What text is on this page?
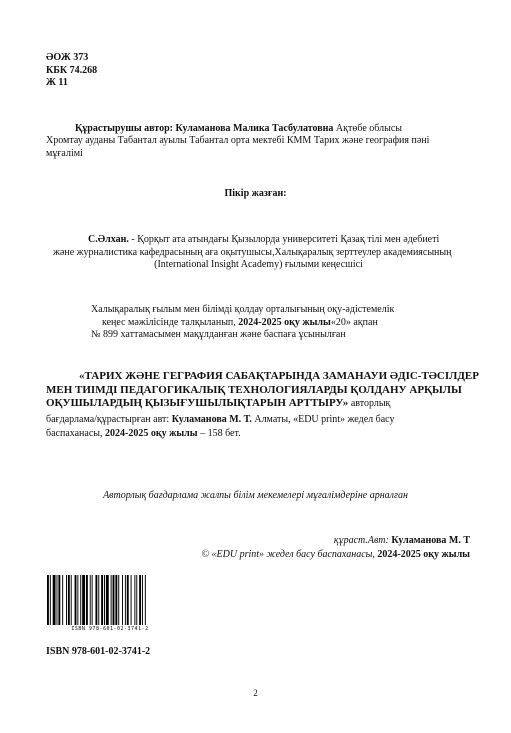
ӘОЖ 373
КБК 74.268
Ж 11
Құрастырушы автор: Куламанова Малика Тасбулатовна Ақтөбе облысы
Хромтау ауданы Табантал ауылы Табантал орта мектебі КММ Тарих және география пәні
мұғалімі
Пікір жазған:
С.Әлхан. - Қорқыт ата атындағы Қызылорда университеті Қазақ тілі мен әдебиеті
және журналистика кафедрасының аға оқытушысы,Халықаралық зерттеулер академиясының
(International Insight Academy) ғылыми кеңесшісі
Халықаралық ғылым мен білімді қолдау орталығының оқу-әдістемелік
кеңес мәжілісінде талқыланып, 2024-2025 оқу жылы«20» ақпан
№ 899 хаттамасымен мақұлданған және баспаға ұсынылған
«ТАРИХ ЖӘНЕ ГЕГРАФИЯ САБАҚТАРЫНДА ЗАМАНАУИ ӘДІС-ТӘСІЛДЕР
МЕН ТИІМДІ ПЕДАГОГИКАЛЫҚ ТЕХНОЛОГИЯЛАРДЫ ҚОЛДАНУ АРҚЫЛЫ
ОҚУШЫЛАРДЫҢ ҚЫЗЫҒУШЫЛЫҚТАРЫН АРТТЫРУ» авторлық
бағдарлама/құрастырған авт: Куламанова М. Т. Алматы, «EDU print» жедел басу
баспаханасы, 2024-2025 оқу жылы – 158 бет.
Авторлық бағдарлама жалпы білім мекемелері мұғалімдеріне арналған
құраст.Авт: Куламанова М. Т
© «EDU print» жедел басу баспаханасы, 2024-2025 оқу жылы
ISBN 978-601-02-3741-2
ISBN 978-601-02-3741-2
2
